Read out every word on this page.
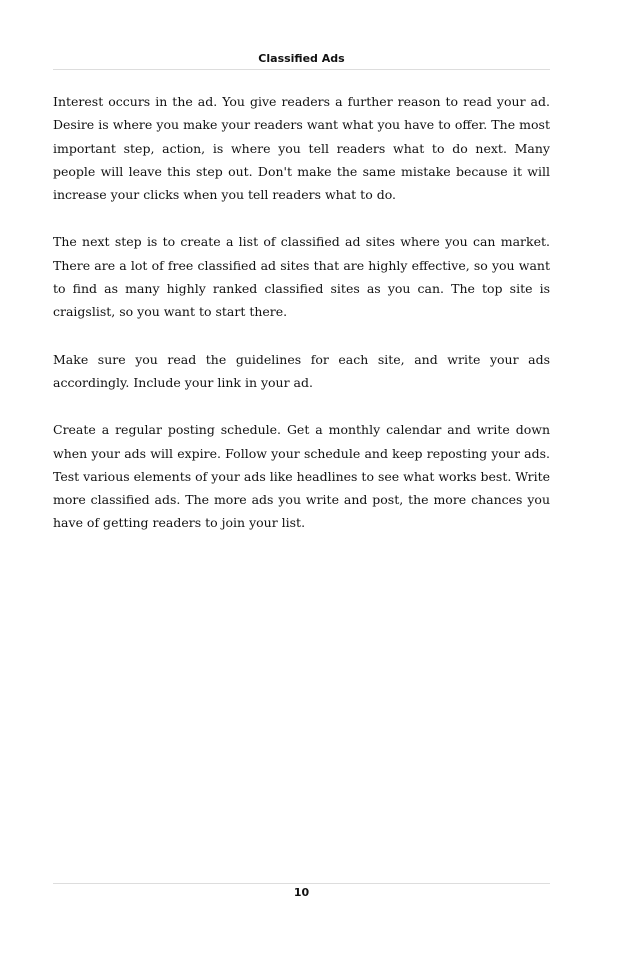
Classified Ads

Interest occurs in the ad. You give readers a further reason to read your ad. Desire is where you make your readers want what you have to offer. The most important step, action, is where you tell readers what to do next. Many people will leave this step out. Don't make the same mistake because it will increase your clicks when you tell readers what to do.

The next step is to create a list of classified ad sites where you can market. There are a lot of free classified ad sites that are highly effective, so you want to find as many highly ranked classified sites as you can. The top site is craigslist, so you want to start there.

Make sure you read the guidelines for each site, and write your ads accordingly. Include your link in your ad.

Create a regular posting schedule. Get a monthly calendar and write down when your ads will expire. Follow your schedule and keep reposting your ads. Test various elements of your ads like headlines to see what works best. Write more classified ads. The more ads you write and post, the more chances you have of getting readers to join your list.

10
